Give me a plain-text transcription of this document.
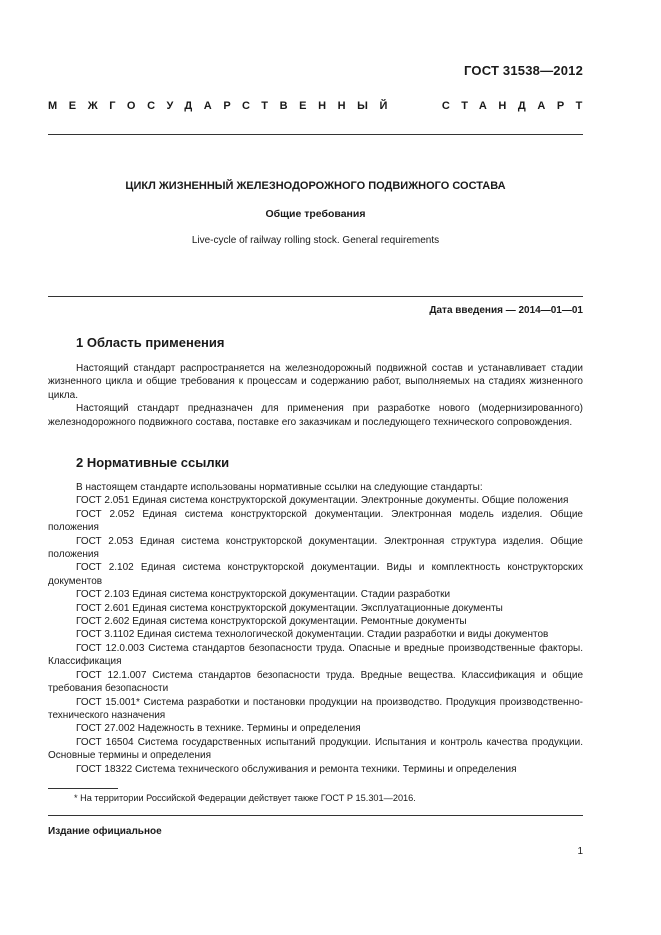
ГОСТ 31538—2012
МЕЖГОСУДАРСТВЕННЫЙ	СТАНДАРТ
ЦИКЛ ЖИЗНЕННЫЙ ЖЕЛЕЗНОДОРОЖНОГО ПОДВИЖНОГО СОСТАВА
Общие требования
Live-cycle of railway rolling stock. General requirements
Дата введения — 2014—01—01
1 Область применения

Настоящий стандарт распространяется на железнодорожный подвижной состав и устанавливает стадии жизненного цикла и общие требования к процессам и содержанию работ, выполняемых на стадиях жизненного цикла.

Настоящий стандарт предназначен для применения при разработке нового (модернизированного) железнодорожного подвижного состава, поставке его заказчикам и последующего технического сопровождения.

2 Нормативные ссылки

В настоящем стандарте использованы нормативные ссылки на следующие стандарты:

ГОСТ 2.051 Единая система конструкторской документации. Электронные документы. Общие положения

ГОСТ 2.052 Единая система конструкторской документации. Электронная модель изделия. Общие положения

ГОСТ 2.053 Единая система конструкторской документации. Электронная структура изделия. Общие положения

ГОСТ 2.102 Единая система конструкторской документации. Виды и комплектность конструкторских документов

ГОСТ 2.103 Единая система конструкторской документации. Стадии разработки

ГОСТ 2.601 Единая система конструкторской документации. Эксплуатационные документы

ГОСТ 2.602 Единая система конструкторской документации. Ремонтные документы

ГОСТ 3.1102 Единая система технологической документации. Стадии разработки и виды документов

ГОСТ 12.0.003 Система стандартов безопасности труда. Опасные и вредные производственные факторы. Классификация

ГОСТ 12.1.007 Система стандартов безопасности труда. Вредные вещества. Классификация и общие требования безопасности

ГОСТ 15.001* Система разработки и постановки продукции на производство. Продукция производственно-технического назначения

ГОСТ 27.002 Надежность в технике. Термины и определения

ГОСТ 16504 Система государственных испытаний продукции. Испытания и контроль качества продукции. Основные термины и определения

ГОСТ 18322 Система технического обслуживания и ремонта техники. Термины и определения

* На территории Российской Федерации действует также ГОСТ Р 15.301—2016.
Издание официальное
1
